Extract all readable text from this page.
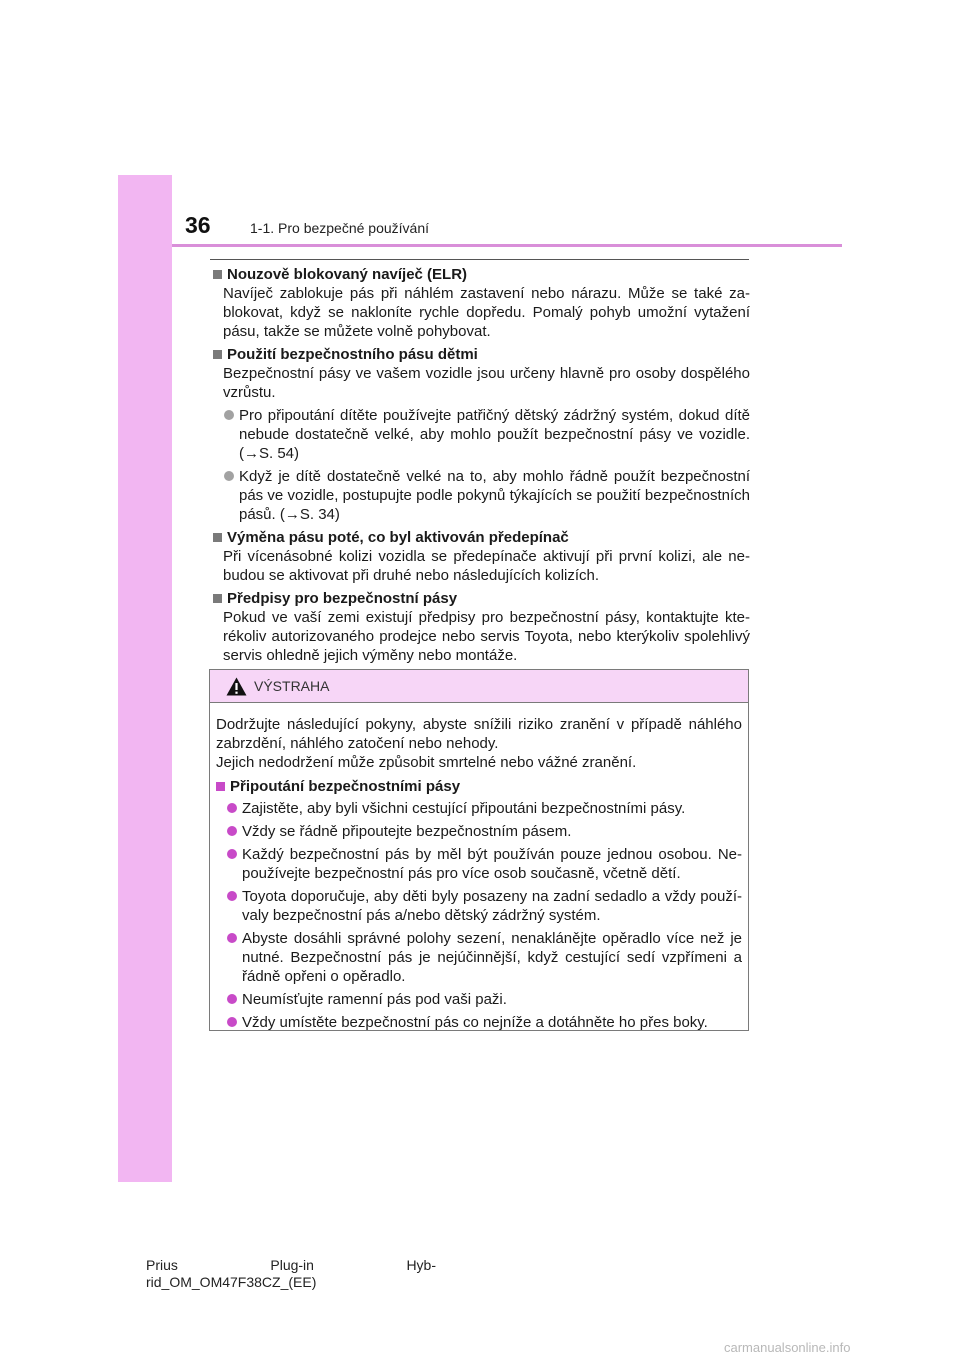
36	1-1. Pro bezpečné používání
Nouzově blokovaný navíječ (ELR)
Navíječ zablokuje pás při náhlém zastavení nebo nárazu. Může se také zablokovat, když se nakloníte rychle dopředu. Pomalý pohyb umožní vytažení pásu, takže se můžete volně pohybovat.
Použití bezpečnostního pásu dětmi
Bezpečnostní pásy ve vašem vozidle jsou určeny hlavně pro osoby dospělého vzrůstu.
Pro připoutání dítěte používejte patřičný dětský zádržný systém, dokud dítě nebude dostatečně velké, aby mohlo použít bezpečnostní pásy ve vozidle. (→S. 54)
Když je dítě dostatečně velké na to, aby mohlo řádně použít bezpečnostní pás ve vozidle, postupujte podle pokynů týkajících se použití bezpečnostních pásů. (→S. 34)
Výměna pásu poté, co byl aktivován předepínač
Při vícenásobné kolizi vozidla se předepínače aktivují při první kolizi, ale nebudou se aktivovat při druhé nebo následujících kolizích.
Předpisy pro bezpečnostní pásy
Pokud ve vaší zemi existují předpisy pro bezpečnostní pásy, kontaktujte kterékoliv autorizovaného prodejce nebo servis Toyota, nebo kterýkoliv spolehlivý servis ohledně jejich výměny nebo montáže.
VÝSTRAHA
Dodržujte následující pokyny, abyste snížili riziko zranění v případě náhlého zabrzdění, náhlého zatočení nebo nehody.
Jejich nedodržení může způsobit smrtelné nebo vážné zranění.
Připoutání bezpečnostními pásy
Zajistěte, aby byli všichni cestující připoutáni bezpečnostními pásy.
Vždy se řádně připoutejte bezpečnostním pásem.
Každý bezpečnostní pás by měl být používán pouze jednou osobou. Nepoužívejte bezpečnostní pás pro více osob současně, včetně dětí.
Toyota doporučuje, aby děti byly posazeny na zadní sedadlo a vždy používaly bezpečnostní pás a/nebo dětský zádržný systém.
Abyste dosáhli správné polohy sezení, nenaklánějte opěradlo více než je nutné. Bezpečnostní pás je nejúčinnější, když cestující sedí vzpřímeni a řádně opřeni o opěradlo.
Neumísťujte ramenní pás pod vaši paži.
Vždy umístěte bezpečnostní pás co nejníže a dotáhněte ho přes boky.
Prius	Plug-in	Hyb-
rid_OM_OM47F38CZ_(EE)
carmanualsonline.info
